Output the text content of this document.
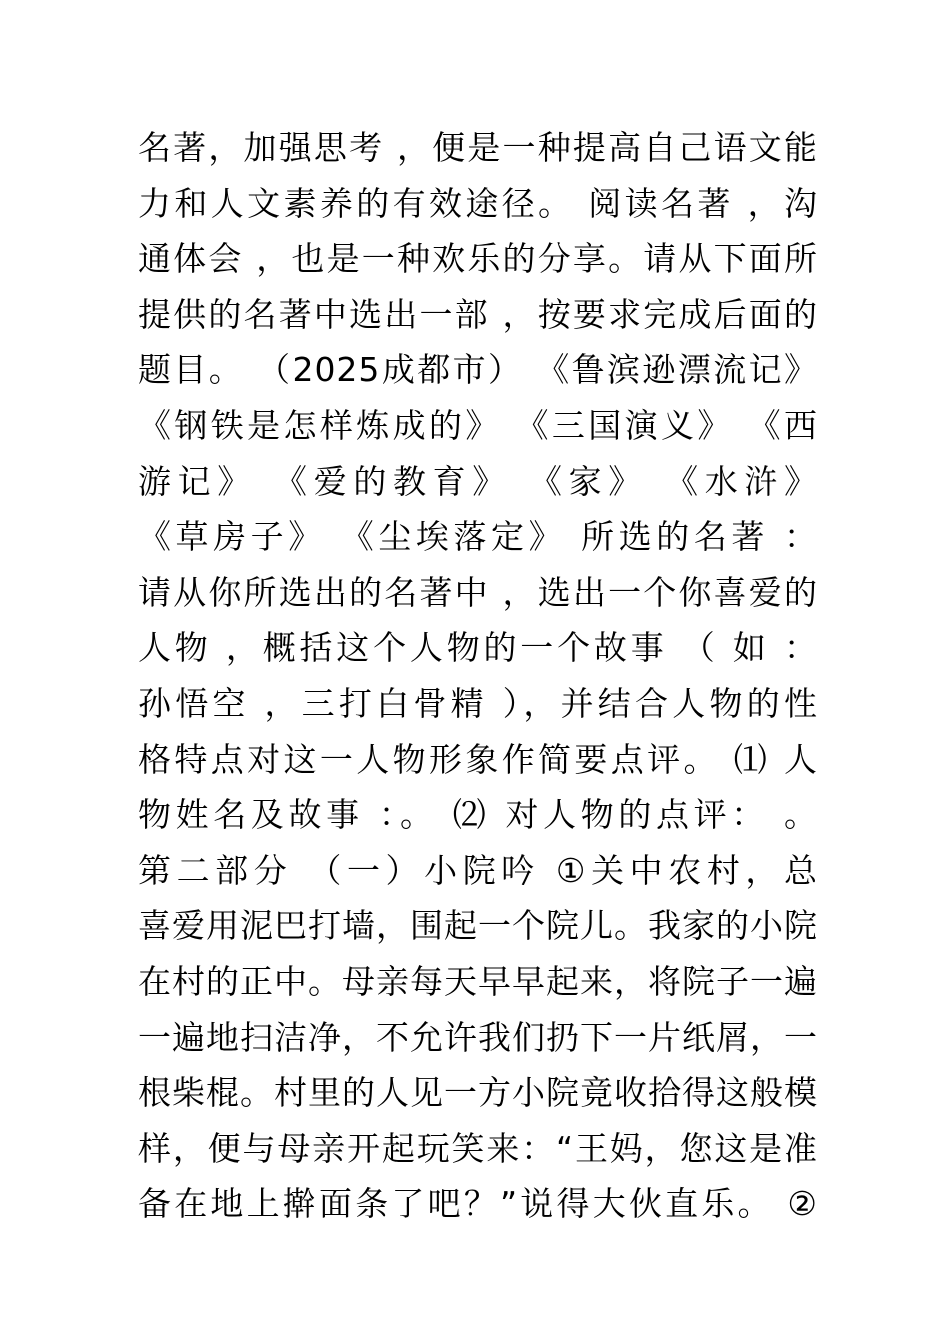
名著，加强思考 ，便是一种提高自己语文能
力和人文素养的有效途径。 阅读名著 ，沟
通体会 ，也是一种欢乐的分享。请从下面所
提供的名著中选出一部 ，按要求完成后面的
题目。 （2025成都市） 《鲁滨逊漂流记》
《钢铁是怎样炼成的》 《三国演义》 《西
游记》 《爱的教育》 《家》 《水浒》
《草房子》 《尘埃落定》 所选的名著 ：
请从你所选出的名著中 ，选出一个你喜爱的
人物 ，概括这个人物的一个故事 （ 如 ：
孙悟空 ，三打白骨精 ），并结合人物的性
格特点对这一人物形象作简要点评。 ⑴ 人
物姓名及故事 ：。 ⑵ 对人物的点评： 。
第二部分 （一）小院吟 ①关中农村，总
喜爱用泥巴打墙，围起一个院儿。我家的小院
在村的正中。母亲每天早早起来，将院子一遍
一遍地扫洁净，不允许我们扔下一片纸屑，一
根柴棍。村里的人见一方小院竟收拾得这般模
样，便与母亲开起玩笑来：“王妈，您这是准
备在地上擀面条了吧？”说得大伙直乐。 ②
